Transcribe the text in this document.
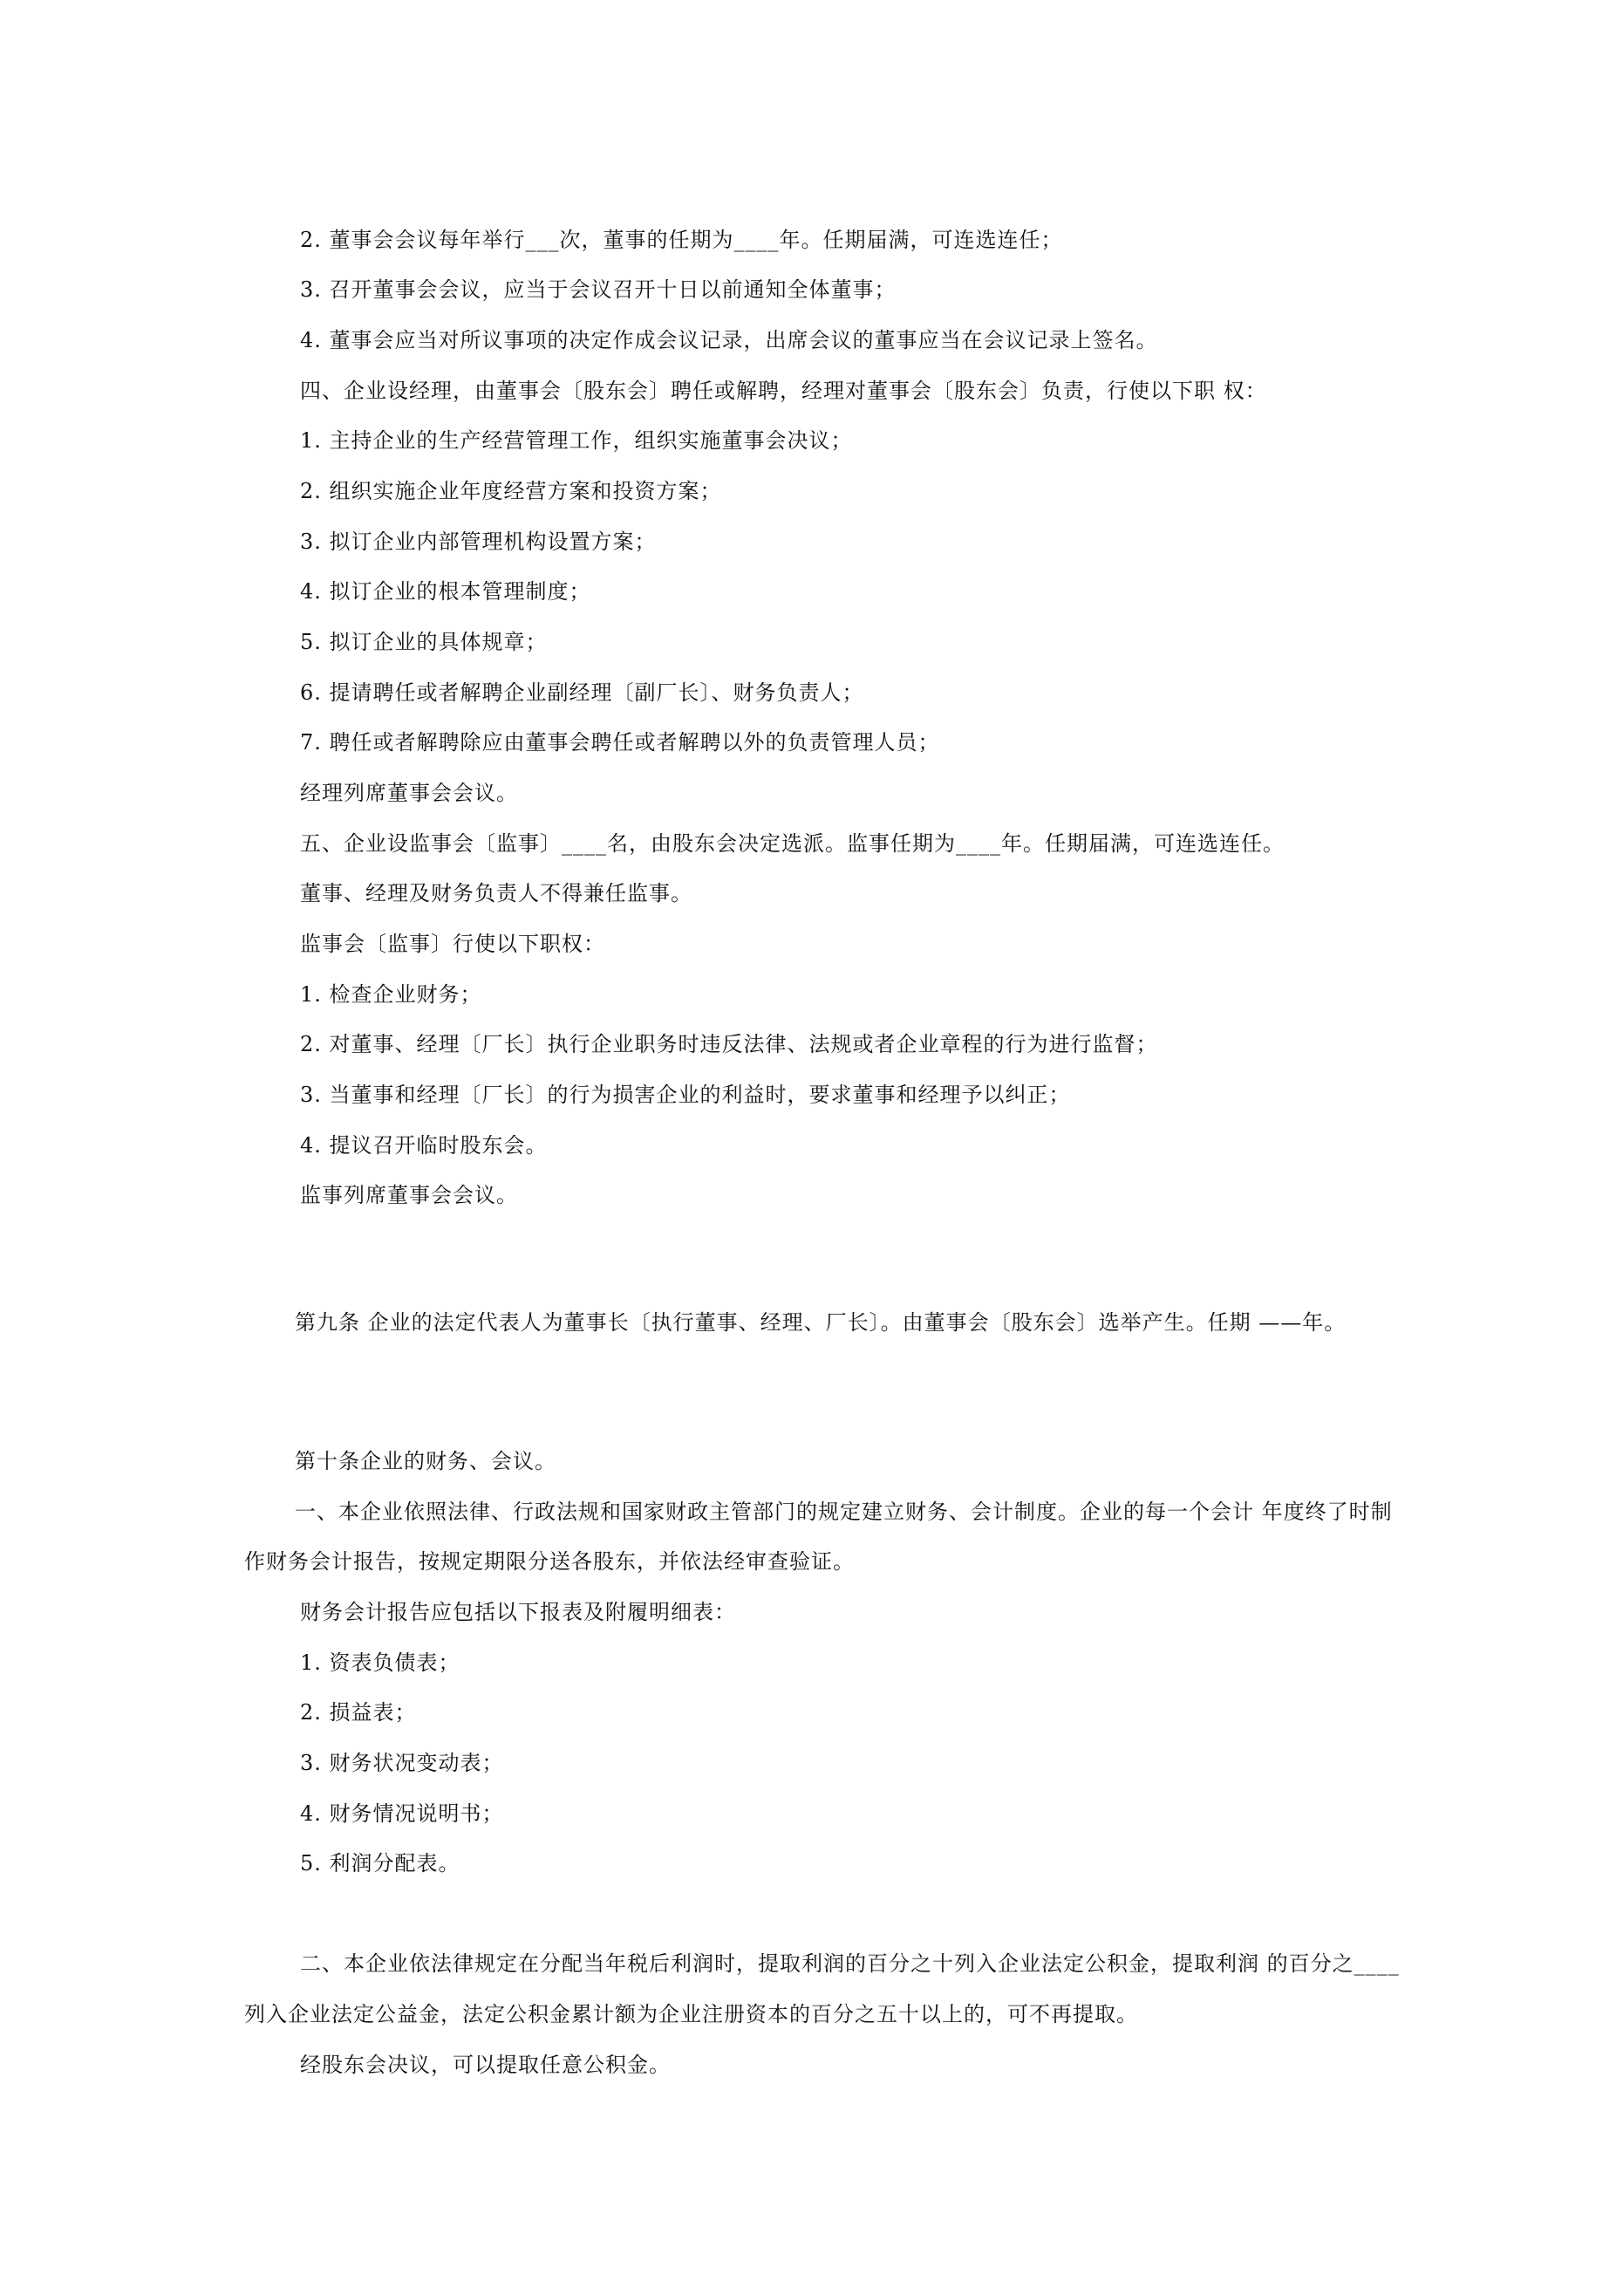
2. 董事会会议每年举行___次，董事的任期为____年。任期届满，可连选连任；
3. 召开董事会会议，应当于会议召开十日以前通知全体董事；
4. 董事会应当对所议事项的决定作成会议记录，出席会议的董事应当在会议记录上签名。
四、企业设经理，由董事会〔股东会〕聘任或解聘，经理对董事会〔股东会〕负责，行使以下职 权：
1. 主持企业的生产经营管理工作，组织实施董事会决议；
2. 组织实施企业年度经营方案和投资方案；
3. 拟订企业内部管理机构设置方案；
4. 拟订企业的根本管理制度；
5. 拟订企业的具体规章；
6. 提请聘任或者解聘企业副经理〔副厂长〕、财务负责人；
7. 聘任或者解聘除应由董事会聘任或者解聘以外的负责管理人员；
经理列席董事会会议。
五、企业设监事会〔监事〕____名，由股东会决定选派。监事任期为____年。任期届满，可连选连任。
董事、经理及财务负责人不得兼任监事。
监事会〔监事〕行使以下职权：
1. 检查企业财务；
2. 对董事、经理〔厂长〕执行企业职务时违反法律、法规或者企业章程的行为进行监督；
3. 当董事和经理〔厂长〕的行为损害企业的利益时，要求董事和经理予以纠正；
4. 提议召开临时股东会。
监事列席董事会会议。
第九条 企业的法定代表人为董事长〔执行董事、经理、厂长〕。由董事会〔股东会〕选举产生。任期 ——年。
第十条企业的财务、会议。
一、本企业依照法律、行政法规和国家财政主管部门的规定建立财务、会计制度。企业的每一个会计 年度终了时制
作财务会计报告，按规定期限分送各股东，并依法经审查验证。
财务会计报告应包括以下报表及附履明细表：
1. 资表负债表；
2. 损益表；
3. 财务状况变动表；
4. 财务情况说明书；
5. 利润分配表。
二、本企业依法律规定在分配当年税后利润时，提取利润的百分之十列入企业法定公积金，提取利润 的百分之____
列入企业法定公益金，法定公积金累计额为企业注册资本的百分之五十以上的，可不再提取。
经股东会决议，可以提取任意公积金。
